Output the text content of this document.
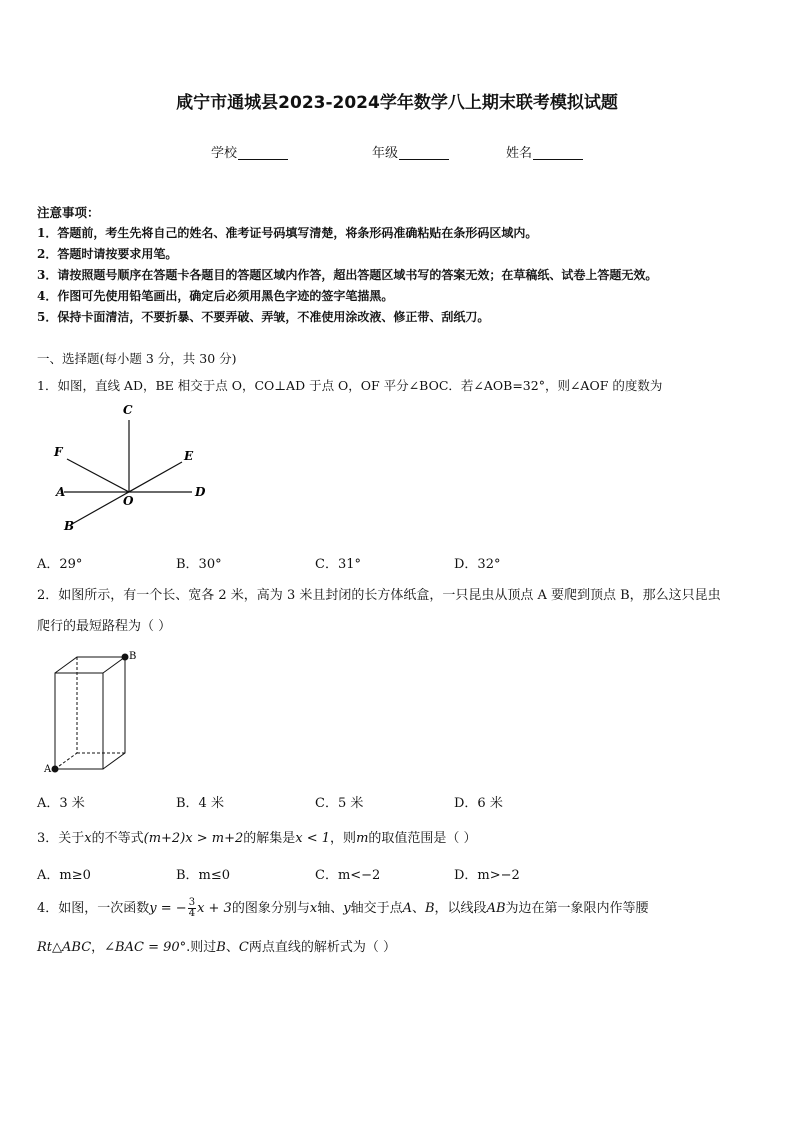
咸宁市通城县2023-2024学年数学八上期末联考模拟试题
学校	年级	姓名
注意事项：
1．答题前，考生先将自己的姓名、准考证号码填写清楚，将条形码准确粘贴在条形码区域内。
2．答题时请按要求用笔。
3．请按照题号顺序在答题卡各题目的答题区域内作答，超出答题区域书写的答案无效；在草稿纸、试卷上答题无效。
4．作图可先使用铅笔画出，确定后必须用黑色字迹的签字笔描黑。
5．保持卡面清洁，不要折暴、不要弄破、弄皱，不准使用涂改液、修正带、刮纸刀。
一、选择题(每小题 3 分，共 30 分)
1．如图，直线 AD，BE 相交于点 O，CO⊥AD 于点 O，OF 平分∠BOC．若∠AOB=32°，则∠AOF 的度数为
C
F	E
A
O
D
B
A．29°	B．30°	C．31°	D．32°
2．如图所示，有一个长、宽各 2 米，高为 3 米且封闭的长方体纸盒，一只昆虫从顶点 A 要爬到顶点 B，那么这只昆虫
爬行的最短路程为（ ）
A
B
A．3 米	B．4 米	C．5 米	D．6 米
3．关于x的不等式(m+2)x > m+2的解集是x < 1，则m的取值范围是（ ）
A．m≥0	B．m≤0	C．m<−2	D．m>−2
4．如图，一次函数y = − $\frac{3}{4}$ x + 3的图象分别与x轴、y轴交于点A、B，以线段AB为边在第一象限内作等腰
Rt△ABC，∠BAC = 90°.则过B、C两点直线的解析式为（ ）
